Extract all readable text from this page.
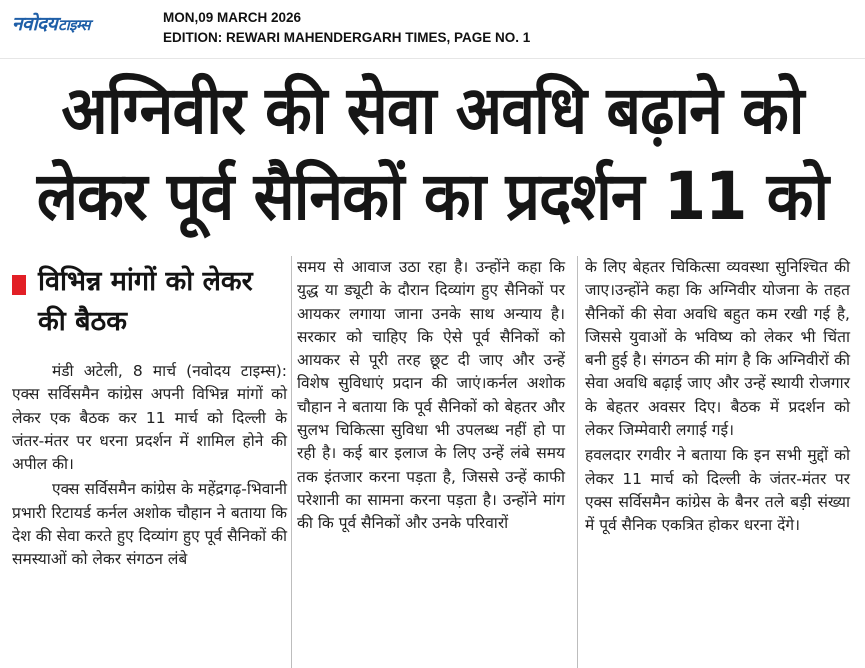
नवोदयटाइम्स	MON,09 MARCH 2026
EDITION: REWARI MAHENDERGARH TIMES, PAGE NO. 1
अग्निवीर की सेवा अवधि बढ़ाने को
लेकर पूर्व सैनिकों का प्रदर्शन 11 को
विभिन्न मांगों को लेकर की बैठक

मंडी अटेली, 8 मार्च (नवोदय टाइम्स): एक्स सर्विसमैन कांग्रेस अपनी विभिन्न मांगों को लेकर एक बैठक कर 11 मार्च को दिल्ली के जंतर-मंतर पर धरना प्रदर्शन में शामिल होने की अपील की।

एक्स सर्विसमैन कांग्रेस के महेंद्रगढ़-भिवानी प्रभारी रिटायर्ड कर्नल अशोक चौहान ने बताया कि देश की सेवा करते हुए दिव्यांग हुए पूर्व सैनिकों की समस्याओं को लेकर संगठन लंबे

समय से आवाज उठा रहा है। उन्होंने कहा कि युद्ध या ड्यूटी के दौरान दिव्यांग हुए सैनिकों पर आयकर लगाया जाना उनके साथ अन्याय है। सरकार को चाहिए कि ऐसे पूर्व सैनिकों को आयकर से पूरी तरह छूट दी जाए और उन्हें विशेष सुविधाएं प्रदान की जाएं।कर्नल अशोक चौहान ने बताया कि पूर्व सैनिकों को बेहतर और सुलभ चिकित्सा सुविधा भी उपलब्ध नहीं हो पा रही है। कई बार इलाज के लिए उन्हें लंबे समय तक इंतजार करना पड़ता है, जिससे उन्हें काफी परेशानी का सामना करना पड़ता है। उन्होंने मांग की कि पूर्व सैनिकों और उनके परिवारों

के लिए बेहतर चिकित्सा व्यवस्था सुनिश्चित की जाए।उन्होंने कहा कि अग्निवीर योजना के तहत सैनिकों की सेवा अवधि बहुत कम रखी गई है, जिससे युवाओं के भविष्य को लेकर भी चिंता बनी हुई है। संगठन की मांग है कि अग्निवीरों की सेवा अवधि बढ़ाई जाए और उन्हें स्थायी रोजगार के बेहतर अवसर दिए। बैठक में प्रदर्शन को लेकर जिम्मेवारी लगाई गई।

हवलदार रगवीर ने बताया कि इन सभी मुद्दों को लेकर 11 मार्च को दिल्ली के जंतर-मंतर पर एक्स सर्विसमैन कांग्रेस के बैनर तले बड़ी संख्या में पूर्व सैनिक एकत्रित होकर धरना देंगे।
